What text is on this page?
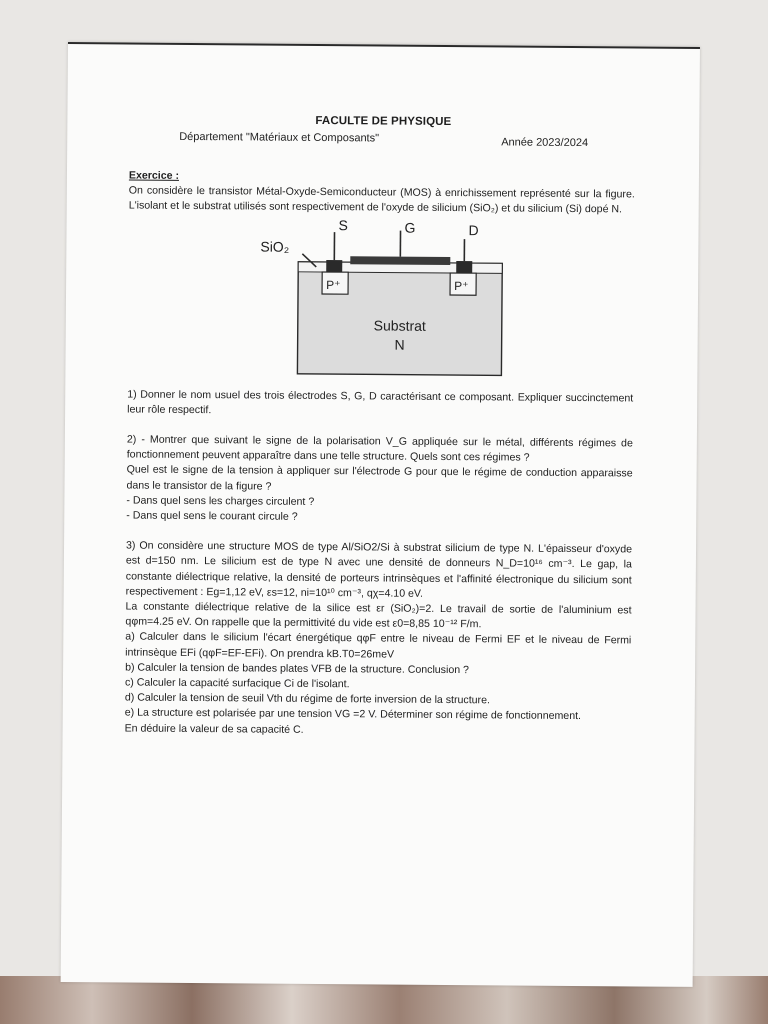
FACULTE DE PHYSIQUE
Département "Matériaux et Composants"	Année 2023/2024

Exercice :

On considère le transistor Métal-Oxyde-Semiconducteur (MOS) à enrichissement représenté sur la figure. L'isolant et le substrat utilisés sont respectivement de l'oxyde de silicium (SiO₂) et du silicium (Si) dopé N.

SiO₂
S	G	D
P⁺	P⁺
Substrat
N

1) Donner le nom usuel des trois électrodes S, G, D caractérisant ce composant. Expliquer succinctement leur rôle respectif.

2) - Montrer que suivant le signe de la polarisation V_G appliquée sur le métal, différents régimes de fonctionnement peuvent apparaître dans une telle structure. Quels sont ces régimes ?

Quel est le signe de la tension à appliquer sur l'électrode G pour que le régime de conduction apparaisse dans le transistor de la figure ?

- Dans quel sens les charges circulent ?

- Dans quel sens le courant circule ?

3) On considère une structure MOS de type Al/SiO2/Si à substrat silicium de type N. L'épaisseur d'oxyde est d=150 nm. Le silicium est de type N avec une densité de donneurs N_D=10¹⁶ cm⁻³. Le gap, la constante diélectrique relative, la densité de porteurs intrinsèques et l'affinité électronique du silicium sont respectivement : Eg=1,12 eV, εs=12, ni=10¹⁰ cm⁻³, qχ=4.10 eV.

La constante diélectrique relative de la silice est εr (SiO₂)=2. Le travail de sortie de l'aluminium est qφm=4.25 eV. On rappelle que la permittivité du vide est ε0=8,85 10⁻¹² F/m.

a) Calculer dans le silicium l'écart énergétique qφF entre le niveau de Fermi EF et le niveau de Fermi intrinsèque EFi (qφF=EF-EFi). On prendra kB.T0=26meV

b) Calculer la tension de bandes plates VFB de la structure. Conclusion ?

c) Calculer la capacité surfacique Ci de l'isolant.

d) Calculer la tension de seuil Vth du régime de forte inversion de la structure.

e) La structure est polarisée par une tension VG =2 V. Déterminer son régime de fonctionnement.

En déduire la valeur de sa capacité C.
